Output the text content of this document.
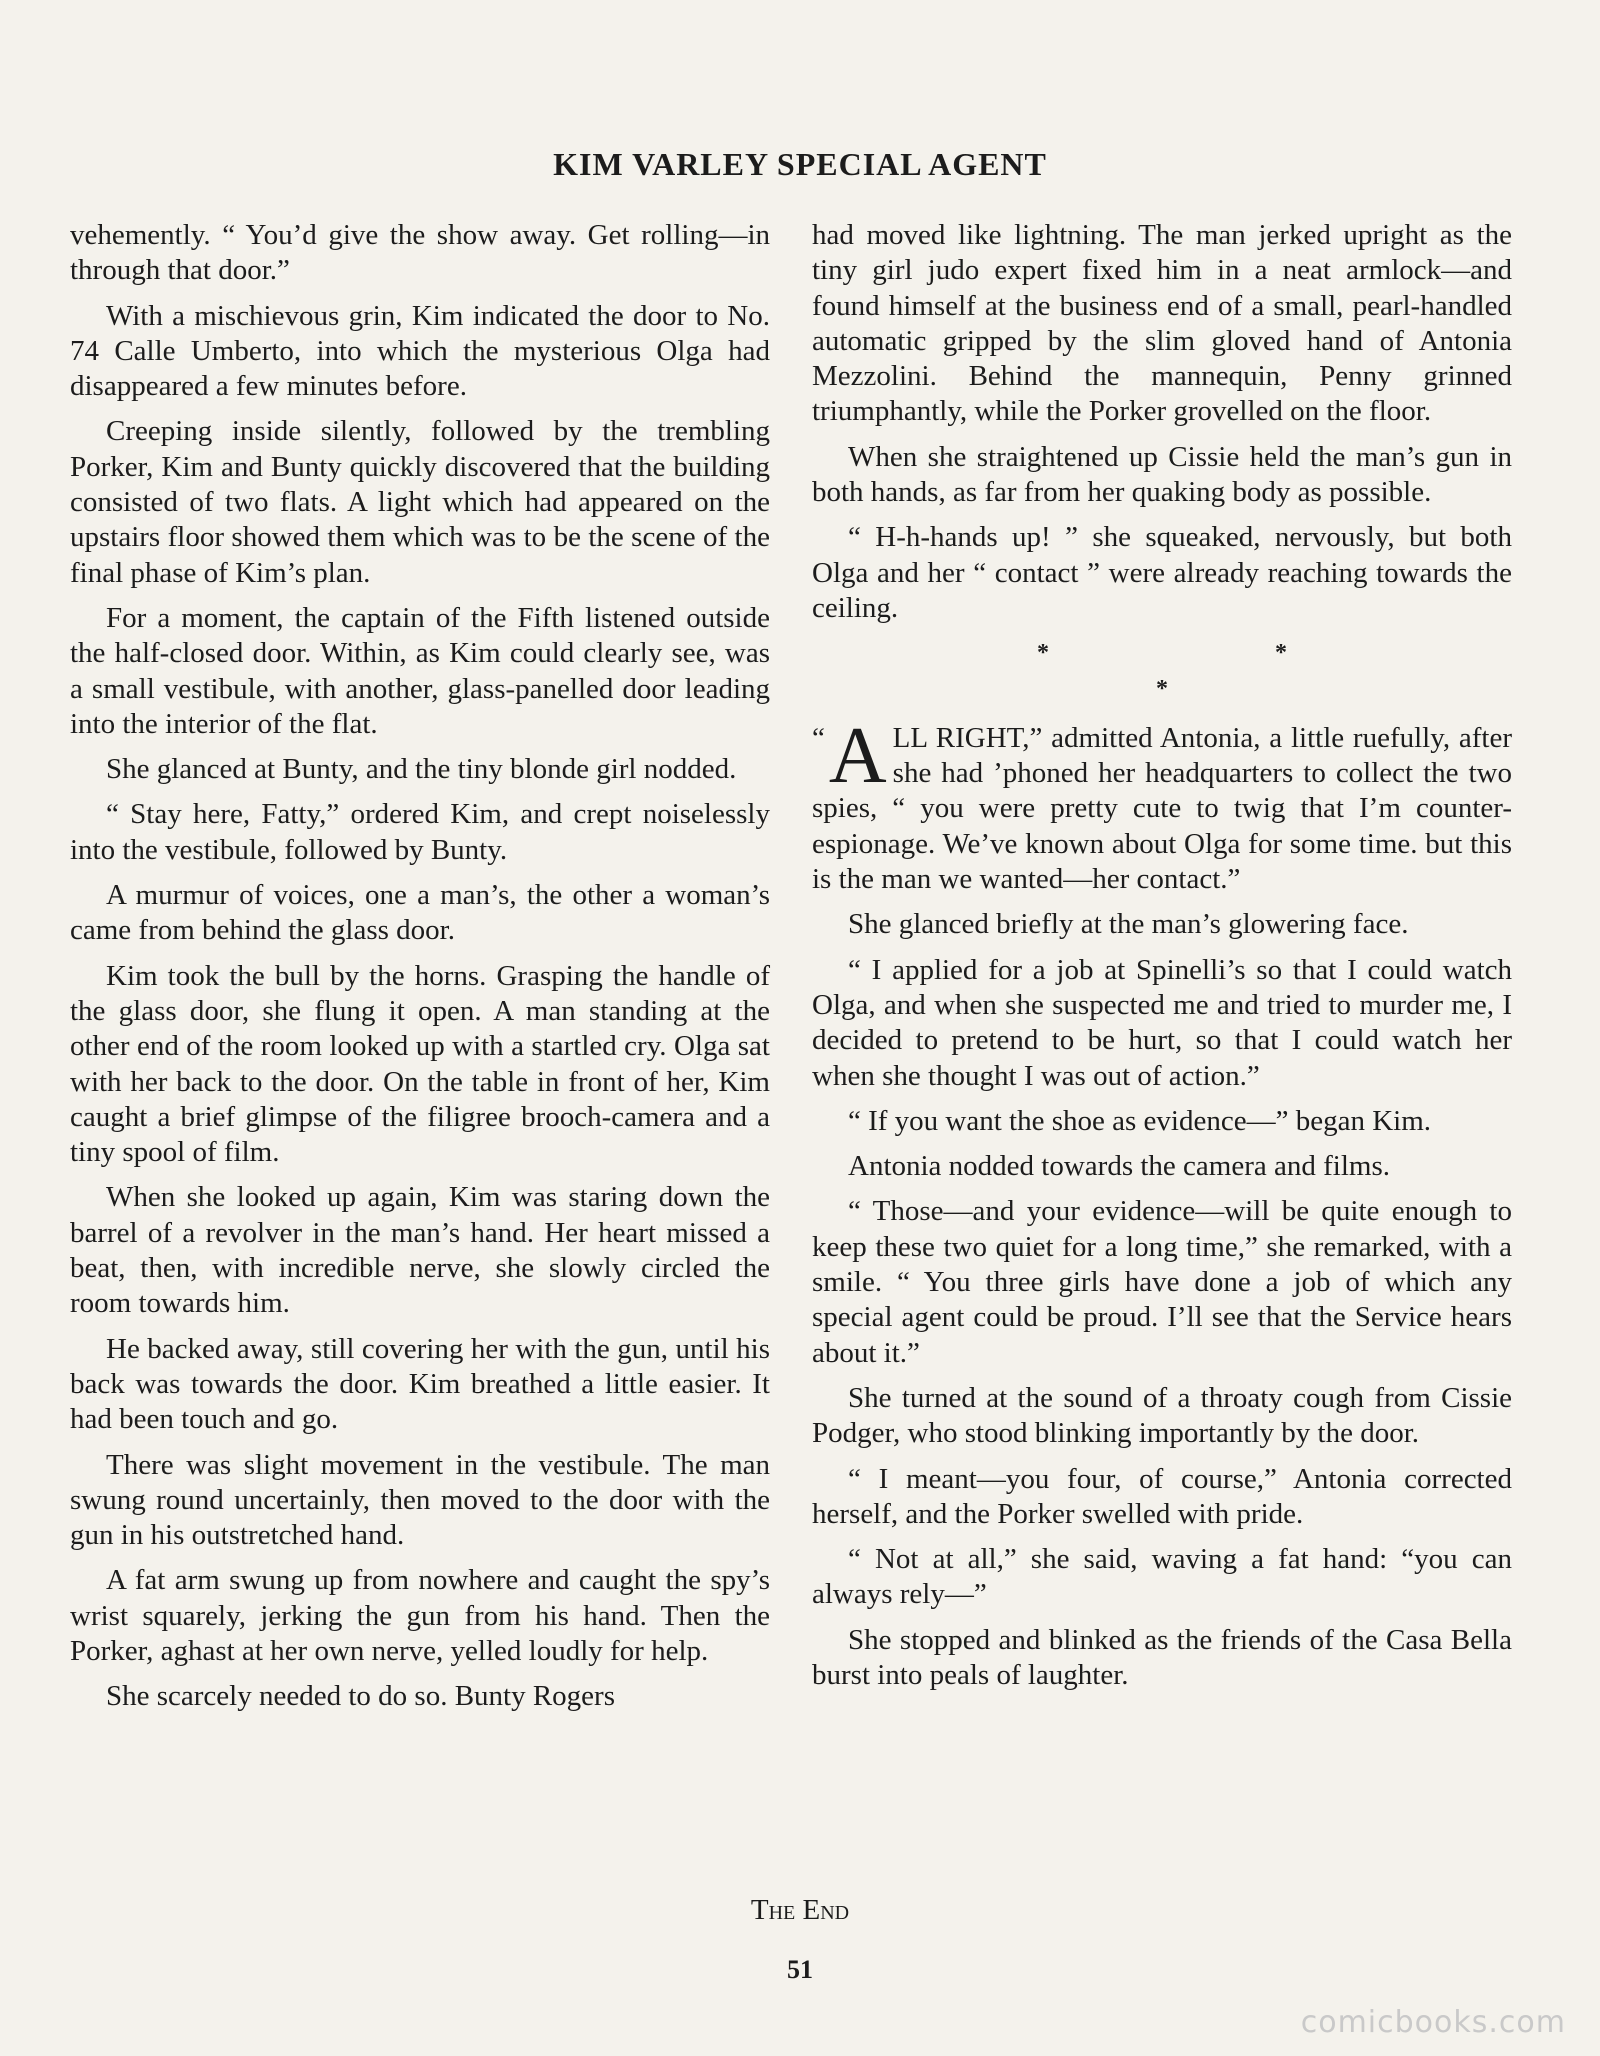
KIM VARLEY SPECIAL AGENT

vehemently. “ You’d give the show away. Get rolling—in through that door.”

With a mischievous grin, Kim indicated the door to No. 74 Calle Umberto, into which the mysterious Olga had disappeared a few minutes before.

Creeping inside silently, followed by the trembling Porker, Kim and Bunty quickly discovered that the building consisted of two flats. A light which had appeared on the upstairs floor showed them which was to be the scene of the final phase of Kim’s plan.

For a moment, the captain of the Fifth listened outside the half-closed door. Within, as Kim could clearly see, was a small vestibule, with another, glass-panelled door leading into the interior of the flat.

She glanced at Bunty, and the tiny blonde girl nodded.

“ Stay here, Fatty,” ordered Kim, and crept noiselessly into the vestibule, followed by Bunty.

A murmur of voices, one a man’s, the other a woman’s came from behind the glass door.

Kim took the bull by the horns. Grasping the handle of the glass door, she flung it open. A man standing at the other end of the room looked up with a startled cry. Olga sat with her back to the door. On the table in front of her, Kim caught a brief glimpse of the filigree brooch-camera and a tiny spool of film.

When she looked up again, Kim was staring down the barrel of a revolver in the man’s hand. Her heart missed a beat, then, with incredible nerve, she slowly circled the room towards him.

He backed away, still covering her with the gun, until his back was towards the door. Kim breathed a little easier. It had been touch and go.

There was slight movement in the vestibule. The man swung round uncertainly, then moved to the door with the gun in his outstretched hand.

A fat arm swung up from nowhere and caught the spy’s wrist squarely, jerking the gun from his hand. Then the Porker, aghast at her own nerve, yelled loudly for help.

She scarcely needed to do so. Bunty Rogers

had moved like lightning. The man jerked upright as the tiny girl judo expert fixed him in a neat armlock—and found himself at the business end of a small, pearl-handled automatic gripped by the slim gloved hand of Antonia Mezzolini. Behind the mannequin, Penny grinned triumphantly, while the Porker grovelled on the floor.

When she straightened up Cissie held the man’s gun in both hands, as far from her quaking body as possible.

“ H-h-hands up! ” she squeaked, nervously, but both Olga and her “ contact ” were already reaching towards the ceiling.

* * *

“ A LL RIGHT,” admitted Antonia, a little ruefully, after she had ’phoned her headquarters to collect the two spies, “ you were pretty cute to twig that I’m counter-espionage. We’ve known about Olga for some time. but this is the man we wanted—her contact.”

She glanced briefly at the man’s glowering face.

“ I applied for a job at Spinelli’s so that I could watch Olga, and when she suspected me and tried to murder me, I decided to pretend to be hurt, so that I could watch her when she thought I was out of action.”

“ If you want the shoe as evidence—” began Kim.

Antonia nodded towards the camera and films.

“ Those—and your evidence—will be quite enough to keep these two quiet for a long time,” she remarked, with a smile. “ You three girls have done a job of which any special agent could be proud. I’ll see that the Service hears about it.”

She turned at the sound of a throaty cough from Cissie Podger, who stood blinking importantly by the door.

“ I meant—you four, of course,” Antonia corrected herself, and the Porker swelled with pride.

“ Not at all,” she said, waving a fat hand: “you can always rely—”

She stopped and blinked as the friends of the Casa Bella burst into peals of laughter.

The End
51
comicbooks.com
